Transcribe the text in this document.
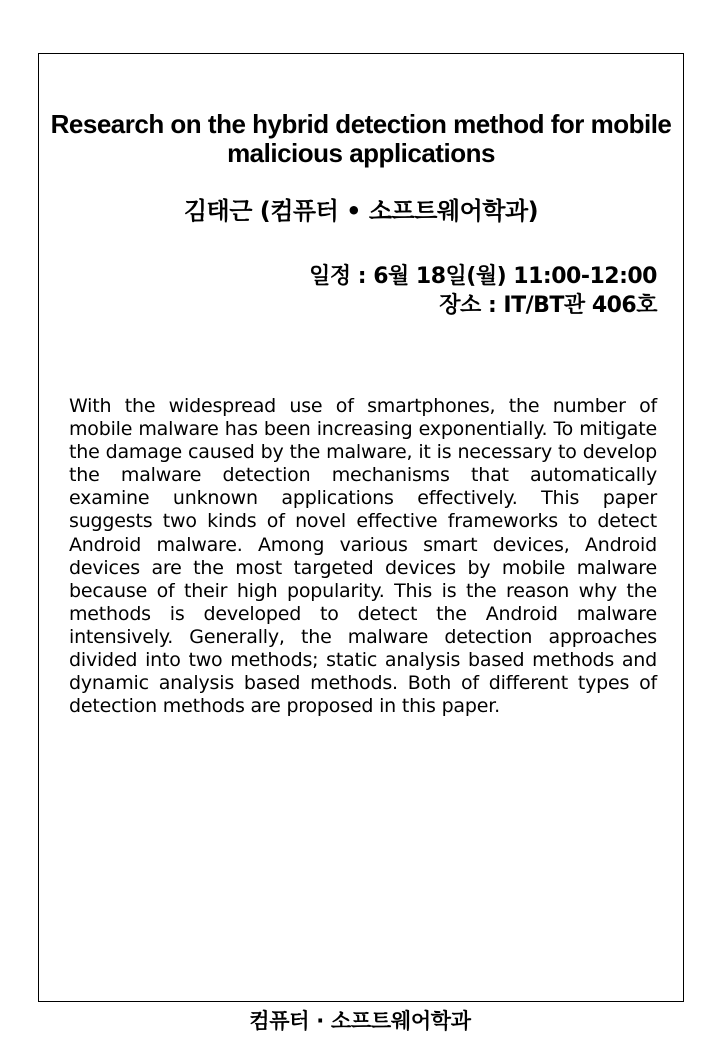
Research on the hybrid detection method for mobile malicious applications
김태근 (컴퓨터 • 소프트웨어학과)
일정 : 6월 18일(월) 11:00-12:00
장소 : IT/BT관 406호

With the widespread use of smartphones, the number of mobile malware has been increasing exponentially. To mitigate the damage caused by the malware, it is necessary to develop the malware detection mechanisms that automatically examine unknown applications effectively. This paper suggests two kinds of novel effective frameworks to detect Android malware. Among various smart devices, Android devices are the most targeted devices by mobile malware because of their high popularity. This is the reason why the methods is developed to detect the Android malware intensively. Generally, the malware detection approaches divided into two methods; static analysis based methods and dynamic analysis based methods. Both of different types of detection methods are proposed in this paper.

컴퓨터 · 소프트웨어학과
